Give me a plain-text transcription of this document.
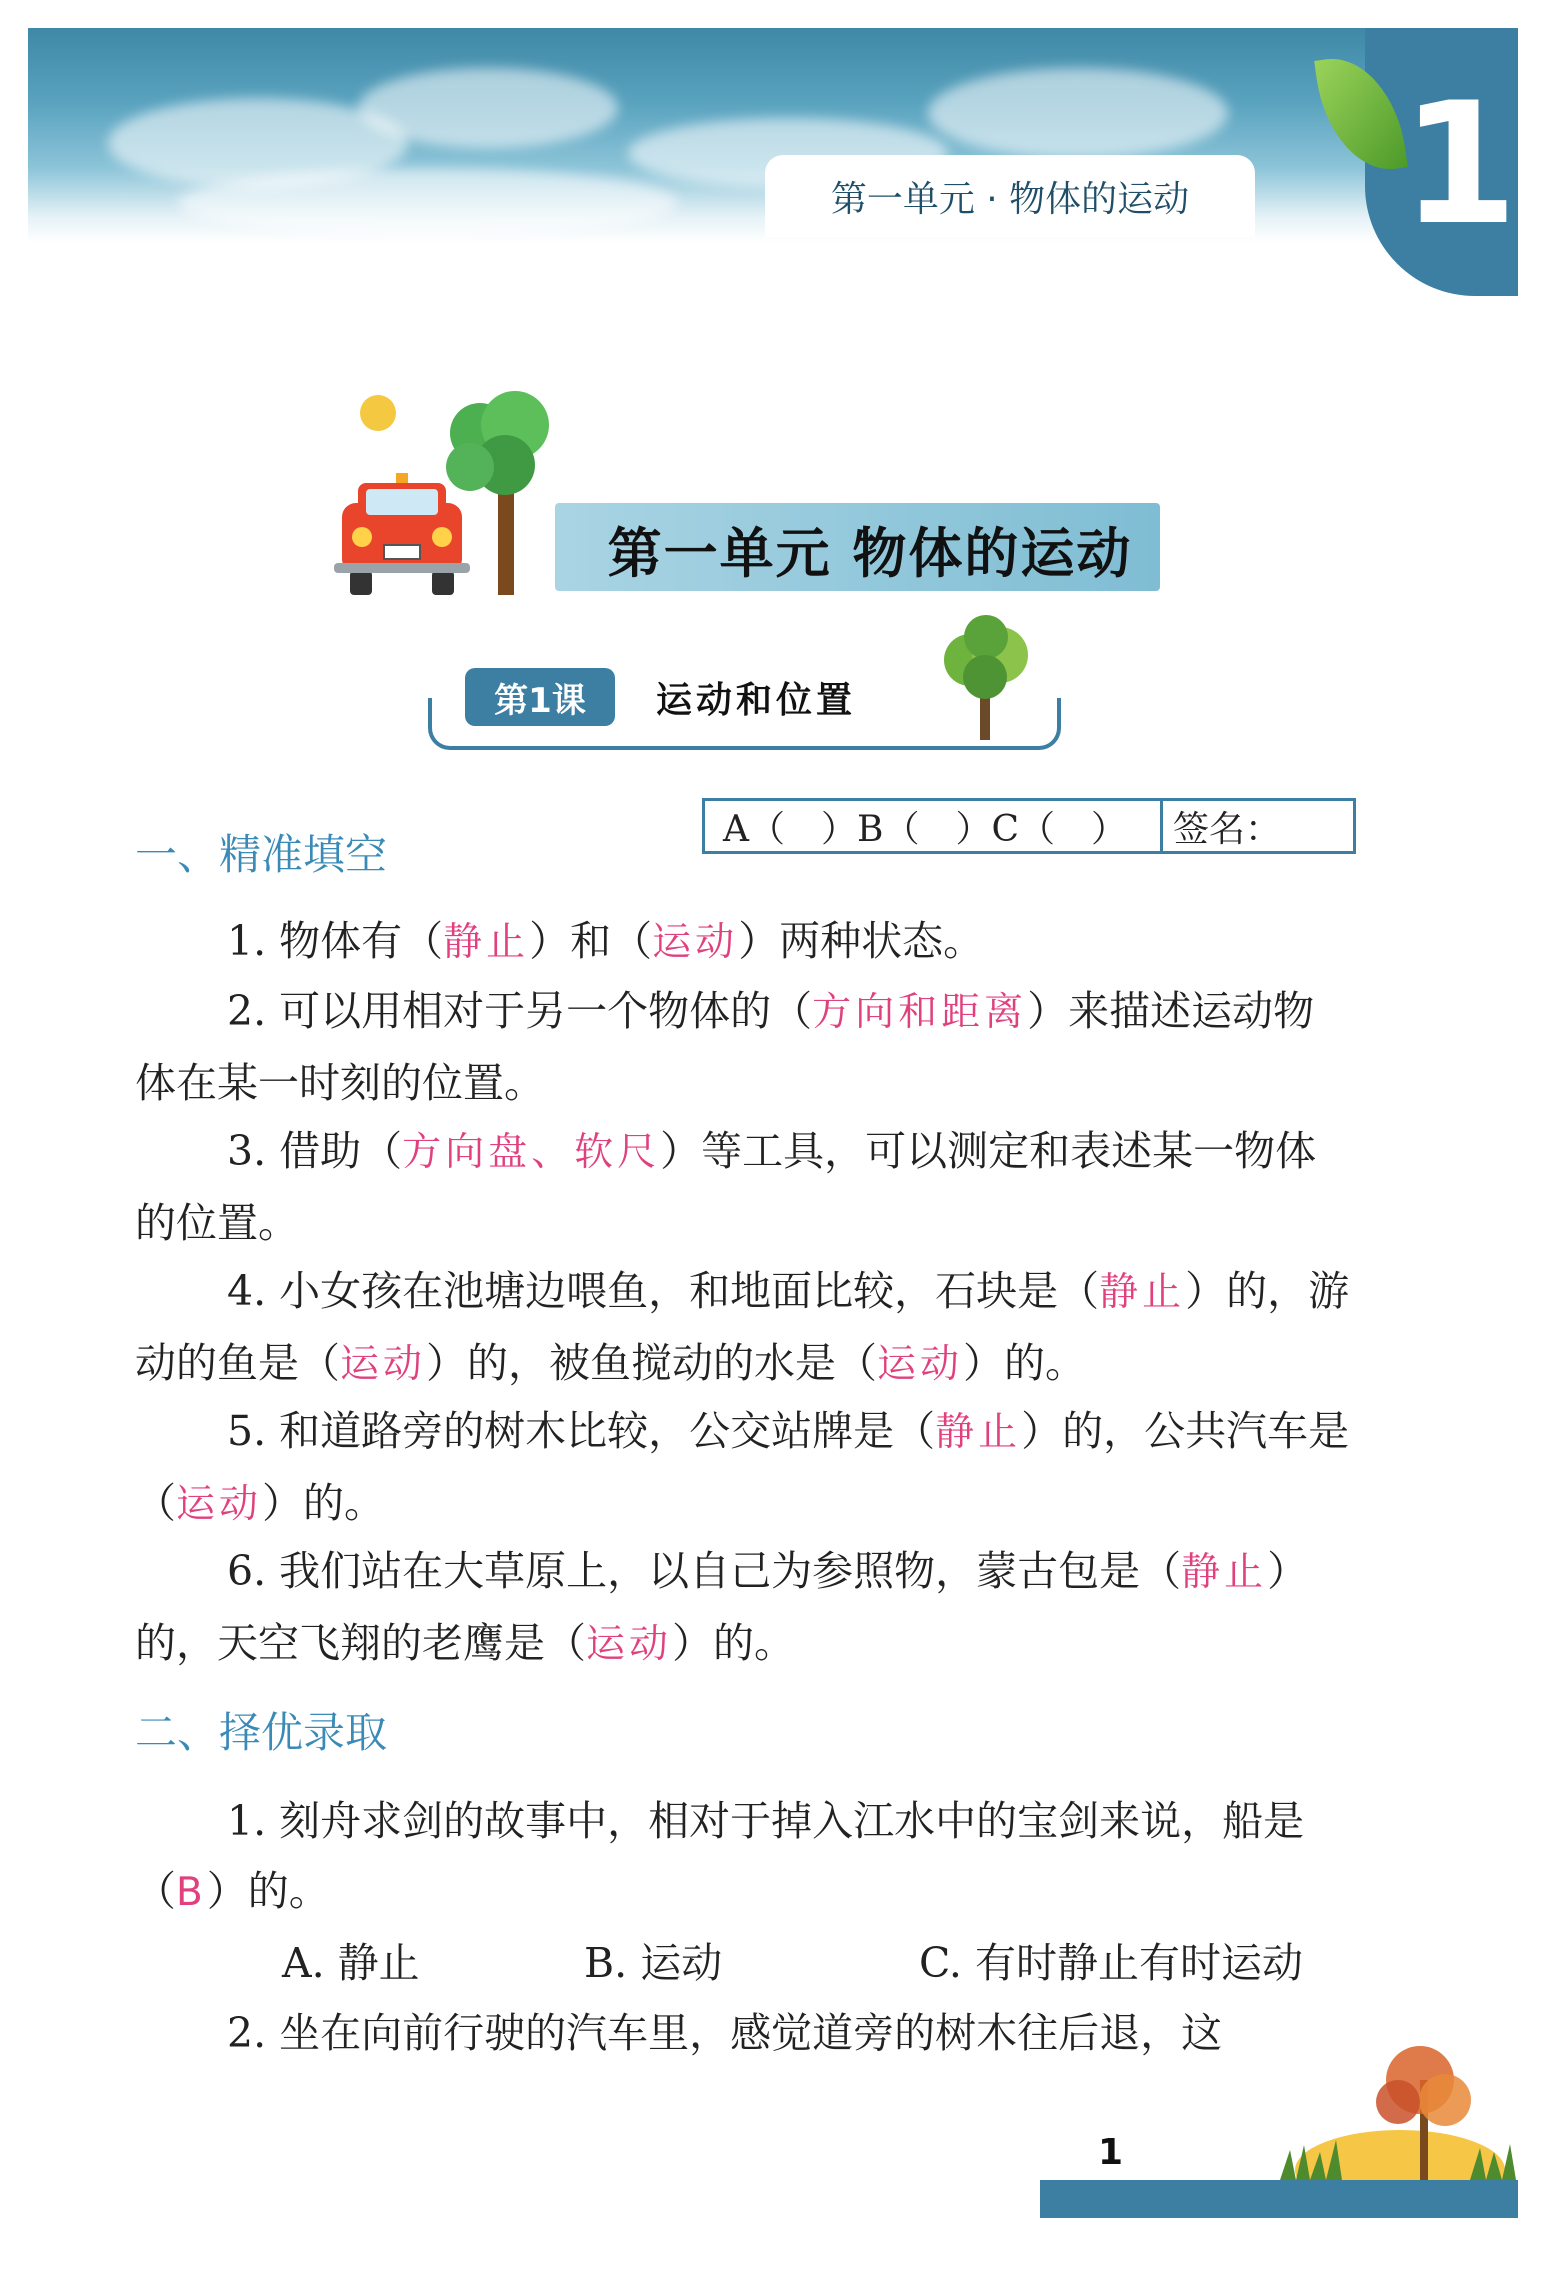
第一单元 · 物体的运动	1
第一单元 物体的运动
第1课	运动和位置
A（　）B（　）C（　）	签名：
一、精准填空
1. 物体有（静止）和（运动）两种状态。
2. 可以用相对于另一个物体的（方向和距离）来描述运动物体在某一时刻的位置。
3. 借助（方向盘、软尺）等工具，可以测定和表述某一物体的位置。
4. 小女孩在池塘边喂鱼，和地面比较，石块是（静止）的，游动的鱼是（运动）的，被鱼搅动的水是（运动）的。
5. 和道路旁的树木比较，公交站牌是（静止）的，公共汽车是（运动）的。
6. 我们站在大草原上，以自己为参照物，蒙古包是（静止）的，天空飞翔的老鹰是（运动）的。
二、择优录取
1. 刻舟求剑的故事中，相对于掉入江水中的宝剑来说，船是（B）的。
A. 静止	B. 运动	C. 有时静止有时运动
2. 坐在向前行驶的汽车里，感觉道旁的树木往后退，这
1
